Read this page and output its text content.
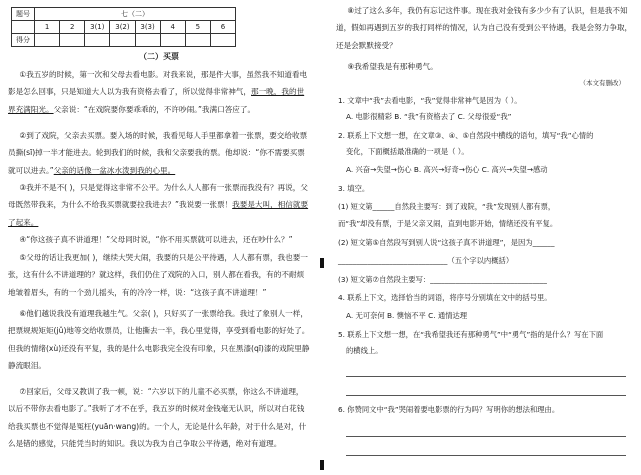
题号	七（二）							
	1	2	3(1)	3(2)	3(3)	4	5	6
得分								
（二）买票

①我五岁的时候，第一次和父母去看电影。对我来说，那是件大事，虽然我不知道看电影是怎么回事，只是知道大人以为我有资格去看了，所以觉得非常神气，那一晚，我的世界充满阳光。父亲说：“在戏院要你要乖乖的，不许吵闹。”我满口答应了。

②到了戏院，父亲去买票。要入场的时候，我看见每人手里都拿着一张票，要交给收票员撕(sī)掉一半才能进去。轮到我们的时候，我和父亲要我的票。他却说：“你不需要买票就可以进去。”父亲的话像一盆冰水泼到我的心里。

③我并不是不( )，只是觉得这非常不公平。为什么人人都有一张票而我没有？再说，父母既然带我来，为什么不给我买票就要拉我进去？”我说要一张票！我要是大叫，相信就要了起来。

④“你这孩子真不讲道理！”父母同时说，“你不用买票就可以进去，还在吵什么？”

⑤父母的话让我更加( )，继续大哭大闹，我要的只是公平待遇，人人都有票，我也要一张，这有什么不讲道理的？就这样，我们仍住了戏院的入口，别人都在看我，有的不耐烦地皱着眉头，有的一个劲儿摇头，有的冷冷一样，说：“这孩子真不讲道理！”

⑥他们越说我没有道理我越生气。父亲( )，只好买了一张票给我。我过了象别人一样，把票规规矩矩(jǔ)地等交给收票员，让他撕去一半，我心里觉得，享受到看电影的好处了。但我的情绪(xù)还没有平复，我的是什么电影我完全没有印象，只在黑漆(qī)漆的戏院里静静流眼泪。

⑦回家后，父母又教训了我一顿，说：“六岁以下的儿童不必买票，你这么不讲道理，以后不带你去看电影了。”我听了才不在乎，我五岁的时候对金钱毫无认识，所以对白花钱给我买票也不觉得是冤枉(yuān·wang)的。一个人，无论是什么年龄，对于什么是对，什么是错的感觉，只能凭当时的知识。我以为我为自己争取公平待遇，绝对有道理。

⑧过了这么多年，我仍有忘记这件事。现在我对金钱有多少少有了认识，但是我不知道，假如再遇到五岁的我打同样的情况，认为自己没有受到公平待遇，我是会努力争取，还是会默默接受？

⑨我希望我是有那种勇气。

（本文有删改）
1. 文章中“我”去看电影，“我”觉得非常神气是因为（ ）。
A. 电影很精彩 B. “我”有资格去了 C. 父母很爱“我”
2. 联系上下文想一想，在文章③、④、⑤自然段中横线的语句，填写“我”心情的
变化，下面概括最准确的一项是（ ）。
A. 兴奋→失望→伤心 B. 高兴→好奇→伤心 C. 高兴→失望→感动
3. 填空。
(1) 短文第______自然段主要写：到了戏院，“我”发现别人都有票，
而“我”却没有票，于是父亲又闹，直到电影开始，情绪还没有平复。
(2) 短文第⑤自然段写到别人说“这孩子真不讲道理”，是因为______
______________________________（五个字以内概括）
(3) 短文第⑦自然段主要写：________________________________
4. 联系上下文，选择恰当的词语，将序号分别填在文中的括号里。
A. 无可奈何 B. 懊恼不平 C. 通情达理
5. 联系上下文想一想，在“我希望我还有那种勇气”中“勇气”指的是什么？写在下面
的横线上。
6. 你赞同文中“我”哭闹着要电影票的行为吗？写明你的想法和理由。
